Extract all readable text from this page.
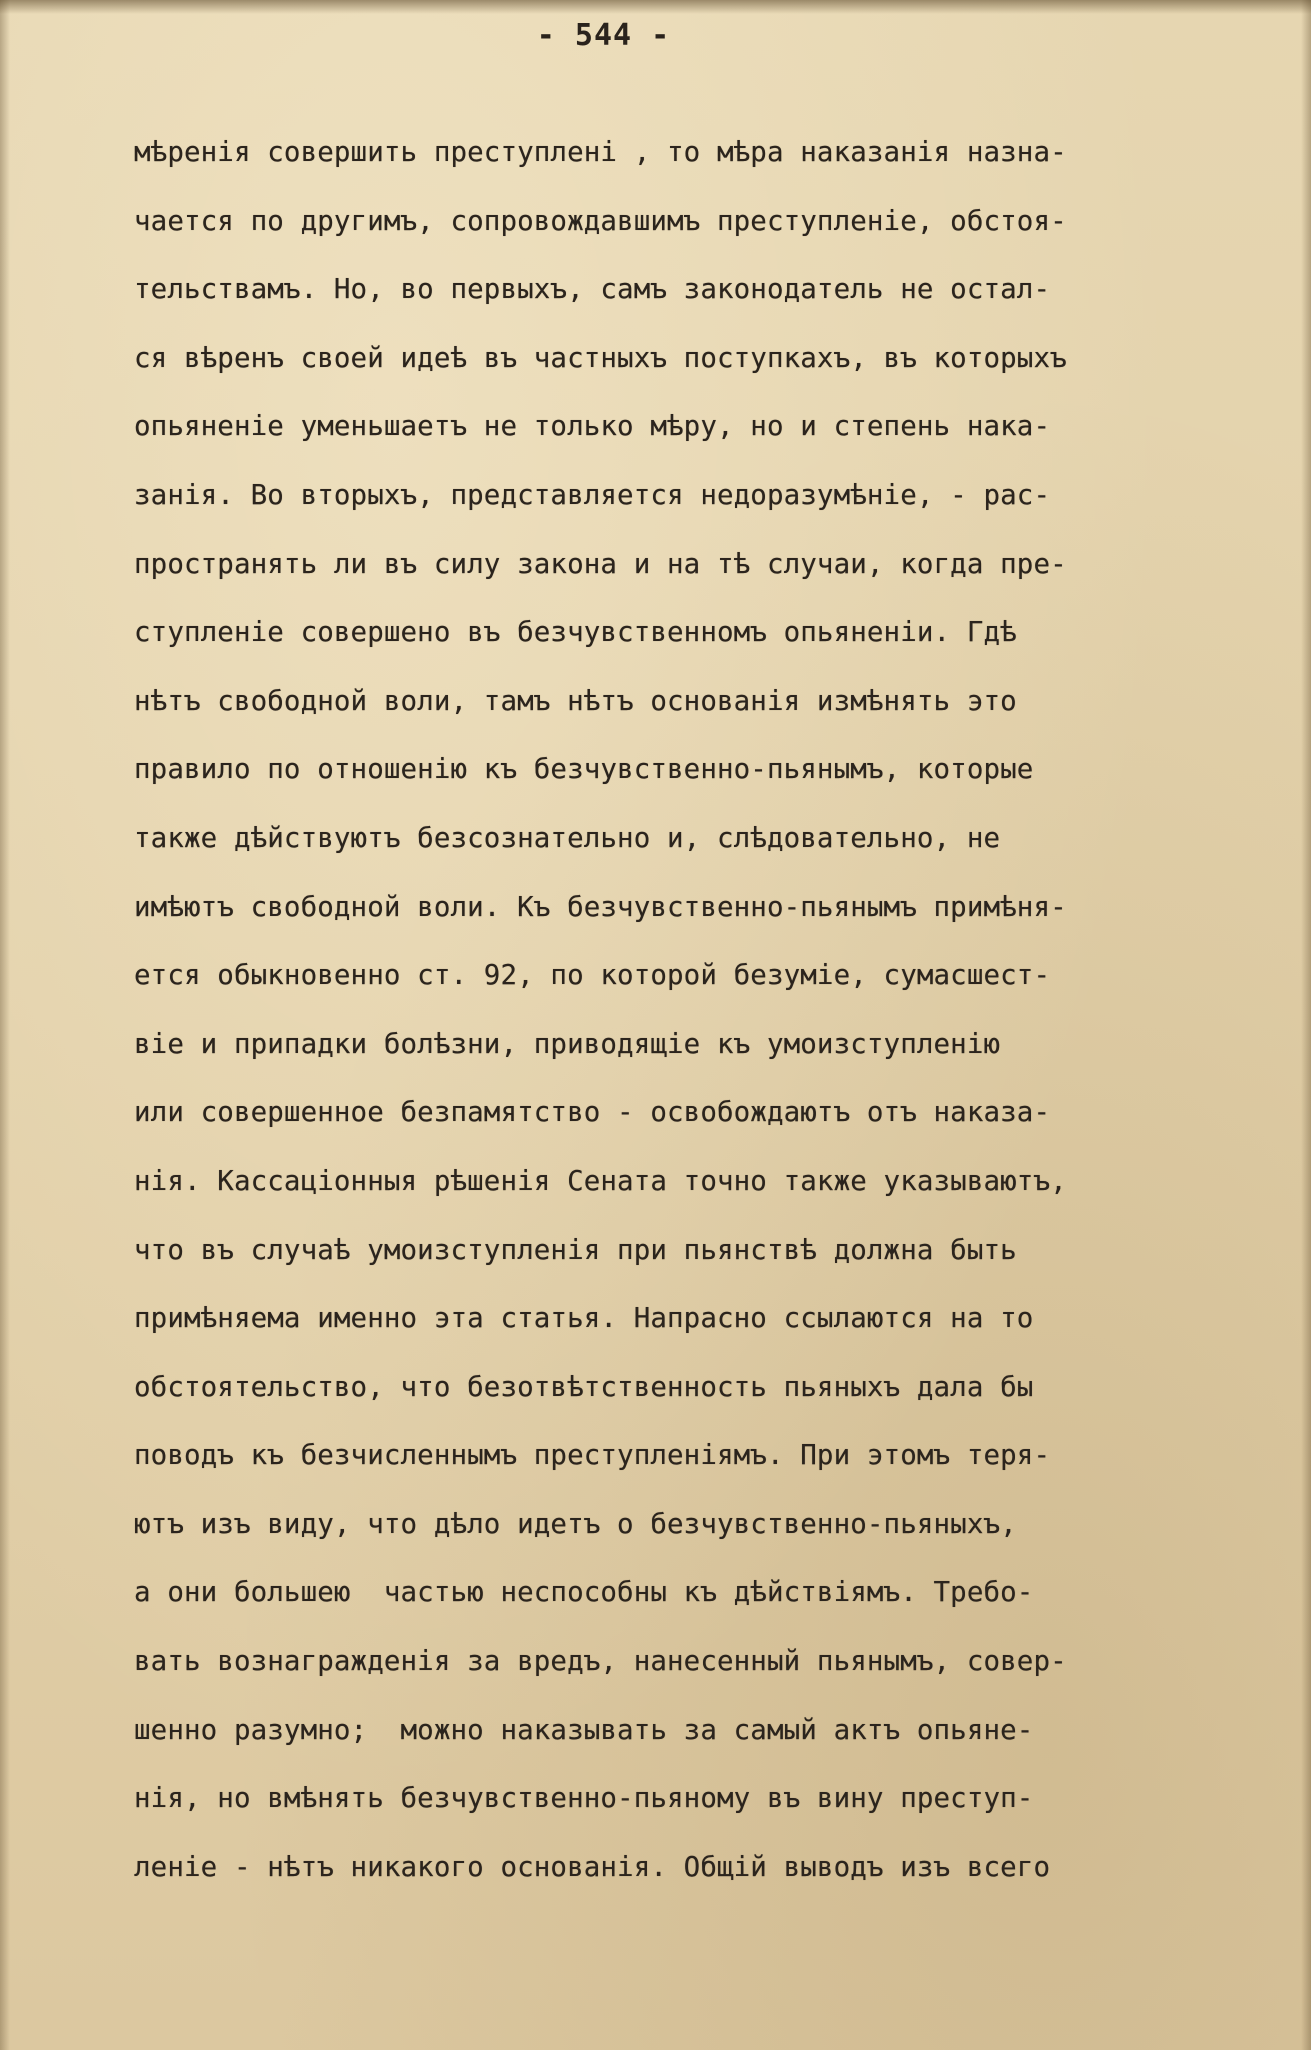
- 544 -
мѣренія совершить преступлені , то мѣра наказанія назна-
чается по другимъ, сопровождавшимъ преступленіе, обстоя-
тельствамъ. Но, во первыхъ, самъ законодатель не остал-
ся вѣренъ своей идеѣ въ частныхъ поступкахъ, въ которыхъ
опьяненіе уменьшаетъ не только мѣру, но и степень нака-
занія. Во вторыхъ, представляется недоразумѣніе, - рас-
пространять ли въ силу закона и на тѣ случаи, когда пре-
ступленіе совершено въ безчувственномъ опьяненіи. Гдѣ
нѣтъ свободной воли, тамъ нѣтъ основанія измѣнять это
правило по отношенію къ безчувственно-пьянымъ, которые
также дѣйствуютъ безсознательно и, слѣдовательно, не
имѣютъ свободной воли. Къ безчувственно-пьянымъ примѣня-
ется обыкновенно ст. 92, по которой безуміе, сумасшест-
віе и припадки болѣзни, приводящіе къ умоизступленію
или совершенное безпамятство - освобождаютъ отъ наказа-
нія. Кассаціонныя рѣшенія Сената точно также указываютъ,
что въ случаѣ умоизступленія при пьянствѣ должна быть
примѣняема именно эта статья. Напрасно ссылаются на то
обстоятельство, что безотвѣтственность пьяныхъ дала бы
поводъ къ безчисленнымъ преступленіямъ. При этомъ теря-
ютъ изъ виду, что дѣло идетъ о безчувственно-пьяныхъ,
а они большею  частью неспособны къ дѣйствіямъ. Требо-
вать вознагражденія за вредъ, нанесенный пьянымъ, совер-
шенно разумно;  можно наказывать за самый актъ опьяне-
нія, но вмѣнять безчувственно-пьяному въ вину преступ-
леніе - нѣтъ никакого основанія. Общій выводъ изъ всего
